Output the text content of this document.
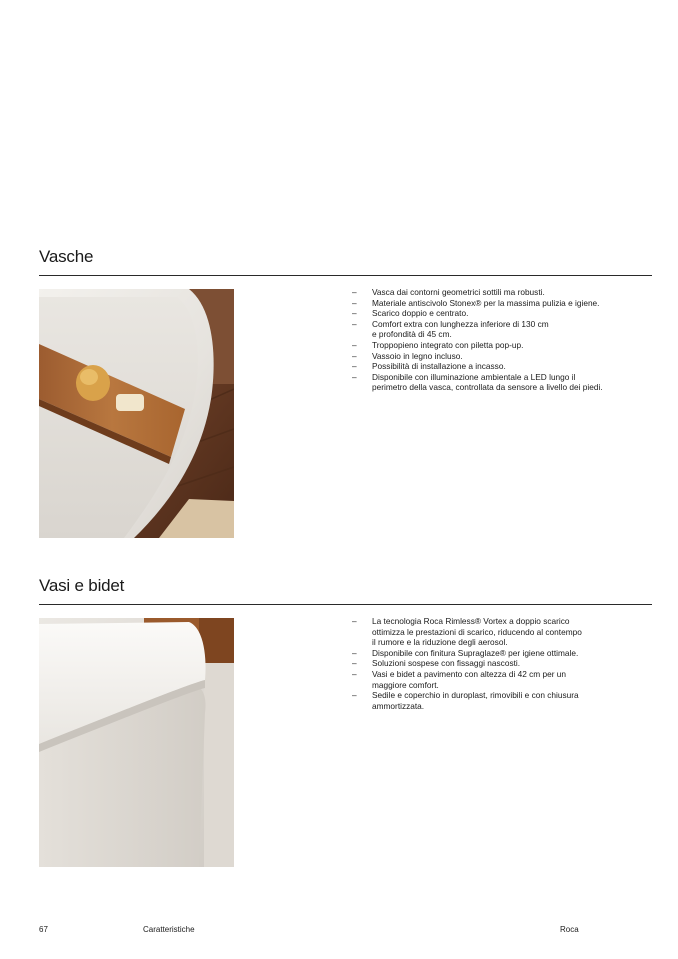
Vasche
– Vasca dai contorni geometrici sottili ma robusti.
– Materiale antiscivolo Stonex® per la massima pulizia e igiene.
– Scarico doppio e centrato.
– Comfort extra con lunghezza inferiore di 130 cm
e profondità di 45 cm.
– Troppopieno integrato con piletta pop-up.
– Vassoio in legno incluso.
– Possibilità di installazione a incasso.
– Disponibile con illuminazione ambientale a LED lungo il
perimetro della vasca, controllata da sensore a livello dei piedi.
Vasi e bidet
– La tecnologia Roca Rimless® Vortex a doppio scarico
ottimizza le prestazioni di scarico, riducendo al contempo
il rumore e la riduzione degli aerosol.
– Disponibile con finitura Supraglaze® per igiene ottimale.
– Soluzioni sospese con fissaggi nascosti.
– Vasi e bidet a pavimento con altezza di 42 cm per un
maggiore comfort.
– Sedile e coperchio in duroplast, rimovibili e con chiusura
ammortizzata.
67	Caratteristiche	Roca
